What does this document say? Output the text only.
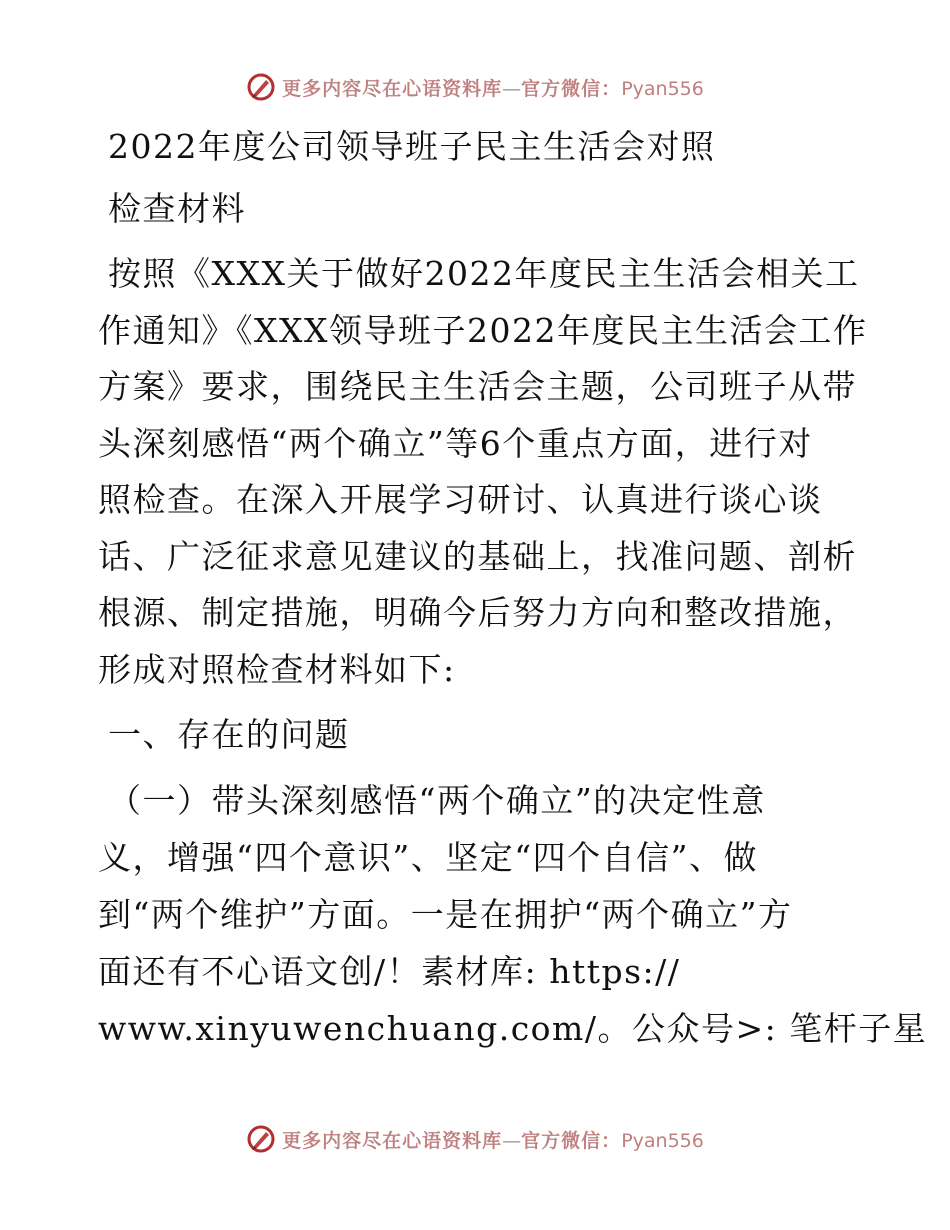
更多内容尽在心语资料库—官方微信：Pyan556
2022年度公司领导班子民主生活会对照
检查材料
按照《XXX关于做好2022年度民主生活会相关工
作通知》《XXX领导班子2022年度民主生活会工作
方案》要求，围绕民主生活会主题，公司班子从带
头深刻感悟“两个确立”等6个重点方面，进行对
照检查。在深入开展学习研讨、认真进行谈心谈
话、广泛征求意见建议的基础上，找准问题、剖析
根源、制定措施，明确今后努力方向和整改措施，
形成对照检查材料如下:
一、存在的问题
（一）带头深刻感悟“两个确立”的决定性意
义，增强“四个意识”、坚定“四个自信”、做
到“两个维护”方面。一是在拥护“两个确立”方
面还有不心语文创/！素材库: https://
www.xinyuwenchuang.com/。公众号>: 笔杆子星
更多内容尽在心语资料库—官方微信：Pyan556
